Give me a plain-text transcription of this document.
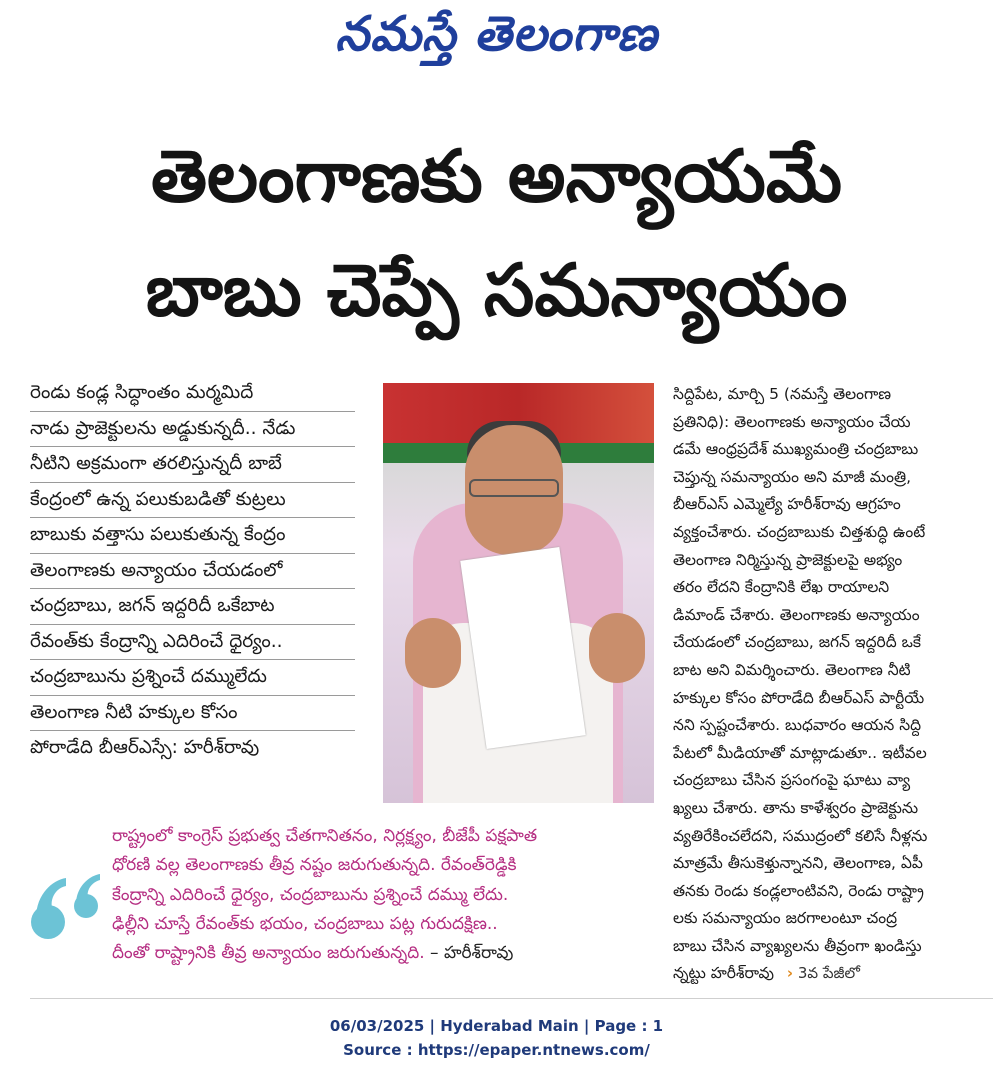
నమస్తే తెలంగాణ
తెలంగాణకు అన్యాయమే
బాబు చెప్పే సమన్యాయం
రెండు కండ్ల సిద్ధాంతం మర్మమిదే
నాడు ప్రాజెక్టులను అడ్డుకున్నదీ.. నేడు
నీటిని అక్రమంగా తరలిస్తున్నదీ బాబే
కేంద్రంలో ఉన్న పలుకుబడితో కుట్రలు
బాబుకు వత్తాసు పలుకుతున్న కేంద్రం
తెలంగాణకు అన్యాయం చేయడంలో
చంద్రబాబు, జగన్ ఇద్దరిదీ ఒకేబాట
రేవంత్‌కు కేంద్రాన్ని ఎదిరించే ధైర్యం..
చంద్రబాబును ప్రశ్నించే దమ్ములేదు
తెలంగాణ నీటి హక్కుల కోసం
పోరాడేది బీఆర్‌ఎస్సే: హరీశ్‌రావు
సిద్దిపేట, మార్చి 5 (నమస్తే తెలంగాణ
ప్రతినిధి): తెలంగాణకు అన్యాయం చేయ
డమే ఆంధ్రప్రదేశ్ ముఖ్యమంత్రి చంద్రబాబు
చెప్తున్న సమన్యాయం అని మాజీ మంత్రి,
బీఆర్‌ఎస్ ఎమ్మెల్యే హరీశ్‌రావు ఆగ్రహం
వ్యక్తంచేశారు. చంద్రబాబుకు చిత్తశుద్ధి ఉంటే
తెలంగాణ నిర్మిస్తున్న ప్రాజెక్టులపై అభ్యం
తరం లేదని కేంద్రానికి లేఖ రాయాలని
డిమాండ్ చేశారు. తెలంగాణకు అన్యాయం
చేయడంలో చంద్రబాబు, జగన్ ఇద్దరిదీ ఒకే
బాట అని విమర్శించారు. తెలంగాణ నీటి
హక్కుల కోసం పోరాడేది బీఆర్‌ఎస్ పార్టీయే
నని స్పష్టంచేశారు. బుధవారం ఆయన సిద్ది
పేటలో మీడియాతో మాట్లాడుతూ.. ఇటీవల
చంద్రబాబు చేసిన ప్రసంగంపై ఘాటు వ్యా
ఖ్యలు చేశారు. తాను కాళేశ్వరం ప్రాజెక్టును
వ్యతిరేకించలేదని, సముద్రంలో కలిసే నీళ్లను
మాత్రమే తీసుకెళ్తున్నానని, తెలంగాణ, ఏపీ
తనకు రెండు కండ్లలాంటివని, రెండు రాష్ట్రా
లకు సమన్యాయం జరగాలంటూ చంద్ర
బాబు చేసిన వ్యాఖ్యలను తీవ్రంగా ఖండిస్తు
న్నట్టు హరీశ్‌రావు › 3వ పేజీలో
రాష్ట్రంలో కాంగ్రెస్ ప్రభుత్వ చేతగానితనం, నిర్లక్ష్యం, బీజేపీ పక్షపాత
ధోరణి వల్ల తెలంగాణకు తీవ్ర నష్టం జరుగుతున్నది. రేవంత్‌రెడ్డికి
కేంద్రాన్ని ఎదిరించే ధైర్యం, చంద్రబాబును ప్రశ్నించే దమ్ము లేదు.
ఢిల్లీని చూస్తే రేవంత్‌కు భయం, చంద్రబాబు పట్ల గురుదక్షిణ..
దీంతో రాష్ట్రానికి తీవ్ర అన్యాయం జరుగుతున్నది. – హరీశ్‌రావు
06/03/2025 | Hyderabad Main | Page : 1
Source : https://epaper.ntnews.com/
